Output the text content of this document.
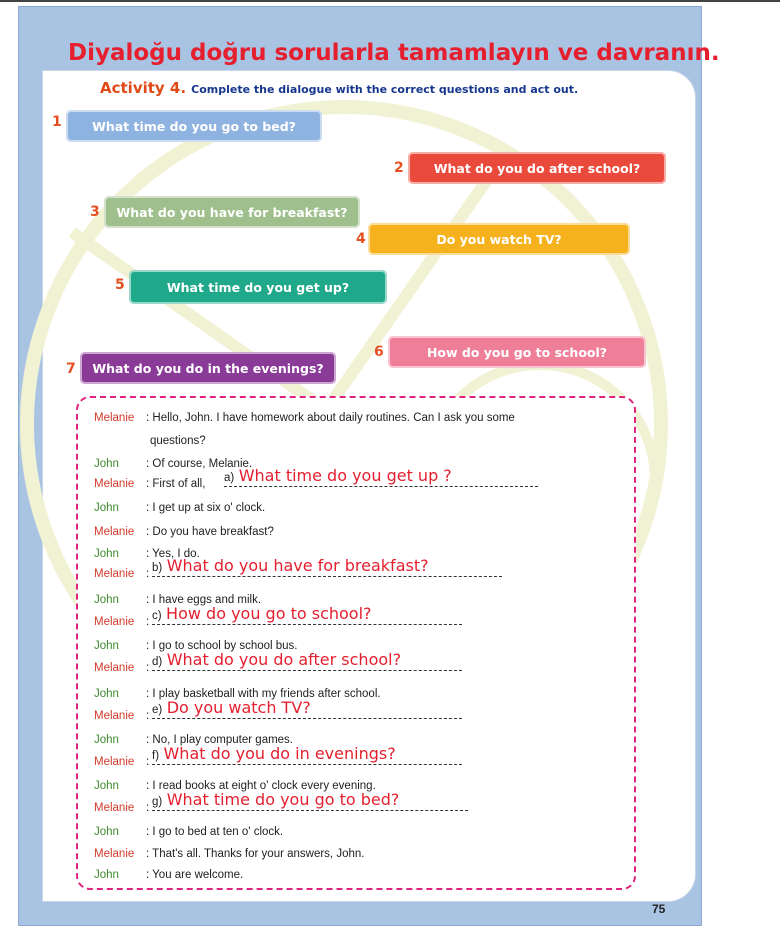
Diyaloğu doğru sorularla tamamlayın ve davranın.
Activity 4. Complete the dialogue with the correct questions and act out.
1
2
3
4
5
6
7
What time do you go to bed?
What do you do after school?
What do you have for breakfast?
Do you watch TV?
What time do you get up?
How do you go to school?
What do you do in the evenings?
Melanie : Hello, John. I have homework about daily routines. Can I ask you some
questions?
John : Of course, Melanie.
Melanie : First of all, a) What time do you get up ?
John : I get up at six o' clock.
Melanie : Do you have breakfast?
John : Yes, I do.
Melanie : b) What do you have for breakfast?
John : I have eggs and milk.
Melanie : c) How do you go to school?
John : I go to school by school bus.
Melanie : d) What do you do after school?
John : I play basketball with my friends after school.
Melanie : e) Do you watch TV?
John : No, I play computer games.
Melanie : f) What do you do in evenings?
John : I read books at eight o' clock every evening.
Melanie : g) What time do you go to bed?
John : I go to bed at ten o' clock.
Melanie : That's all. Thanks for your answers, John.
John : You are welcome.
75
